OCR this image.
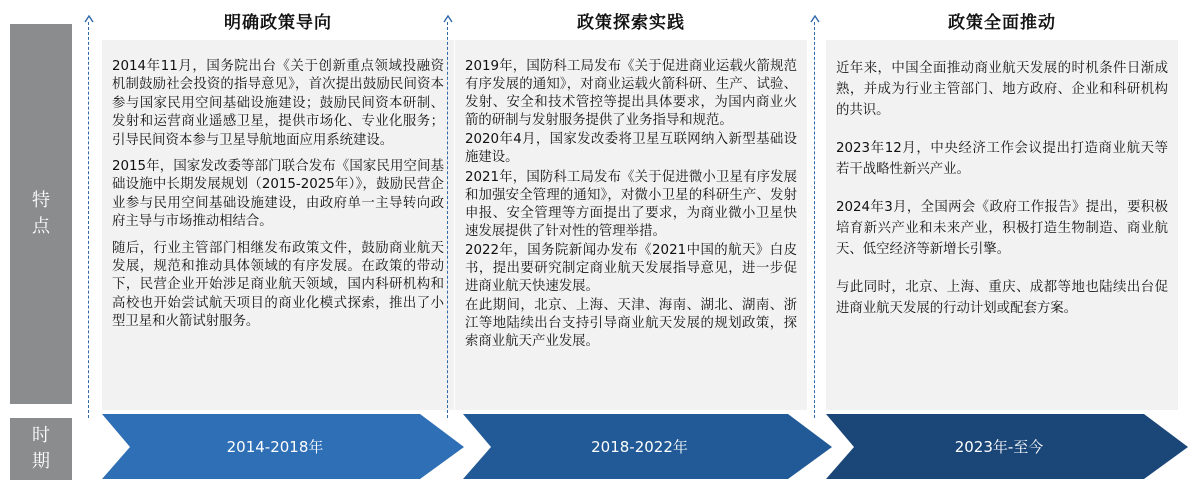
特点
时期
明确政策导向

2014年11月，国务院出台《关于创新重点领域投融资机制鼓励社会投资的指导意见》，首次提出鼓励民间资本参与国家民用空间基础设施建设；鼓励民间资本研制、发射和运营商业遥感卫星，提供市场化、专业化服务；引导民间资本参与卫星导航地面应用系统建设。

2015年，国家发改委等部门联合发布《国家民用空间基础设施中长期发展规划（2015-2025年）》，鼓励民营企业参与民用空间基础设施建设，由政府单一主导转向政府主导与市场推动相结合。

随后，行业主管部门相继发布政策文件，鼓励商业航天发展，规范和推动具体领域的有序发展。在政策的带动下，民营企业开始涉足商业航天领域，国内科研机构和高校也开始尝试航天项目的商业化模式探索，推出了小型卫星和火箭试射服务。

政策探索实践

2019年，国防科工局发布《关于促进商业运载火箭规范有序发展的通知》，对商业运载火箭科研、生产、试验、发射、安全和技术管控等提出具体要求，为国内商业火箭的研制与发射服务提供了业务指导和规范。

2020年4月，国家发改委将卫星互联网纳入新型基础设施建设。

2021年，国防科工局发布《关于促进微小卫星有序发展和加强安全管理的通知》，对微小卫星的科研生产、发射申报、安全管理等方面提出了要求，为商业微小卫星快速发展提供了针对性的管理举措。

2022年，国务院新闻办发布《2021中国的航天》白皮书，提出要研究制定商业航天发展指导意见，进一步促进商业航天快速发展。

在此期间，北京、上海、天津、海南、湖北、湖南、浙江等地陆续出台支持引导商业航天发展的规划政策，探索商业航天产业发展。

政策全面推动

近年来，中国全面推动商业航天发展的时机条件日渐成熟，并成为行业主管部门、地方政府、企业和科研机构的共识。

2023年12月，中央经济工作会议提出打造商业航天等若干战略性新兴产业。

2024年3月，全国两会《政府工作报告》提出，要积极培育新兴产业和未来产业，积极打造生物制造、商业航天、低空经济等新增长引擎。

与此同时，北京、上海、重庆、成都等地也陆续出台促进商业航天发展的行动计划或配套方案。

2014-2018年	2018-2022年	2023年-至今
